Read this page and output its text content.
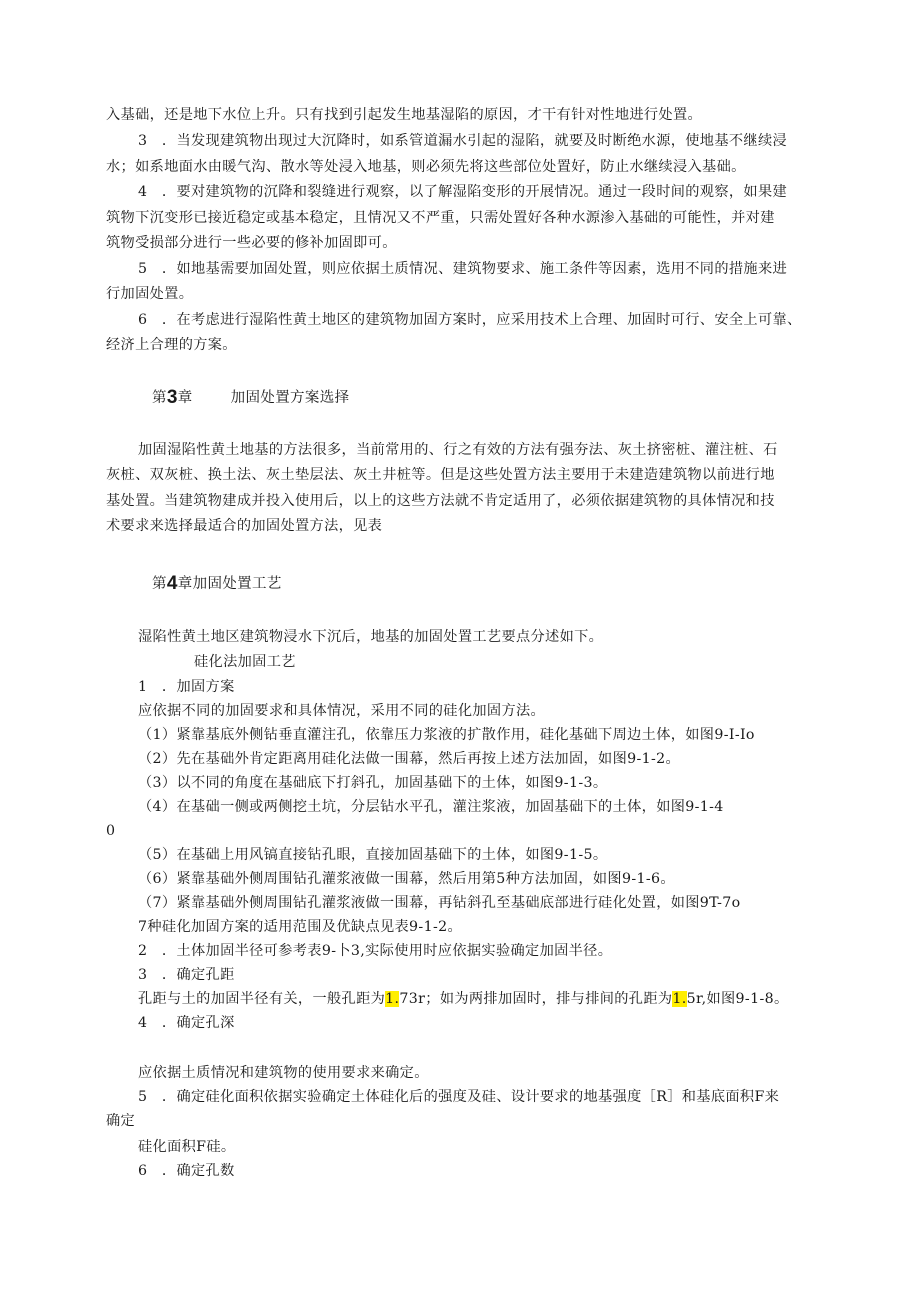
入基础，还是地下水位上升。只有找到引起发生地基湿陷的原因，才干有针对性地进行处置。
3　．当发现建筑物出现过大沉降时，如系管道漏水引起的湿陷，就要及时断绝水源，使地基不继续浸
水；如系地面水由暖气沟、散水等处浸入地基，则必须先将这些部位处置好，防止水继续浸入基础。
4　．要对建筑物的沉降和裂缝进行观察，以了解湿陷变形的开展情况。通过一段时间的观察，如果建
筑物下沉变形已接近稳定或基本稳定，且情况又不严重，只需处置好各种水源渗入基础的可能性，并对建
筑物受损部分进行一些必要的修补加固即可。
5　．如地基需要加固处置，则应依据土质情况、建筑物要求、施工条件等因素，选用不同的措施来进
行加固处置。
6　．在考虑进行湿陷性黄土地区的建筑物加固方案时，应采用技术上合理、加固时可行、安全上可靠、
经济上合理的方案。
第3章	加固处置方案选择
加固湿陷性黄土地基的方法很多，当前常用的、行之有效的方法有强夯法、灰土挤密桩、灌注桩、石
灰桩、双灰桩、换土法、灰土垫层法、灰土井桩等。但是这些处置方法主要用于未建造建筑物以前进行地
基处置。当建筑物建成并投入使用后，以上的这些方法就不肯定适用了，必须依据建筑物的具体情况和技
术要求来选择最适合的加固处置方法，见表
第4章加固处置工艺
湿陷性黄土地区建筑物浸水下沉后，地基的加固处置工艺要点分述如下。
硅化法加固工艺
1　．加固方案
应依据不同的加固要求和具体情况，采用不同的硅化加固方法。
（1）紧靠基底外侧钻垂直灌注孔，依靠压力浆液的扩散作用，硅化基础下周边土体，如图9-I-Io
（2）先在基础外肯定距离用硅化法做一围幕，然后再按上述方法加固，如图9-1-2。
（3）以不同的角度在基础底下打斜孔，加固基础下的土体，如图9-1-3。
（4）在基础一侧或两侧挖土坑，分层钻水平孔，灌注浆液，加固基础下的土体，如图9-1-4
0
（5）在基础上用风镐直接钻孔眼，直接加固基础下的土体，如图9-1-5。
（6）紧靠基础外侧周围钻孔灌浆液做一围幕，然后用第5种方法加固，如图9-1-6。
（7）紧靠基础外侧周围钻孔灌浆液做一围幕，再钻斜孔至基础底部进行硅化处置，如图9T-7o
7种硅化加固方案的适用范围及优缺点见表9-1-2。
2　．土体加固半径可参考表9-卜3,实际使用时应依据实验确定加固半径。
3　．确定孔距
孔距与土的加固半径有关，一般孔距为1.73r；如为两排加固时，排与排间的孔距为1.5r,如图9-1-8。
4　．确定孔深
应依据土质情况和建筑物的使用要求来确定。
5　．确定硅化面积依据实验确定土体硅化后的强度及硅、设计要求的地基强度［R］和基底面积F来
确定
硅化面积F硅。
6　．确定孔数
